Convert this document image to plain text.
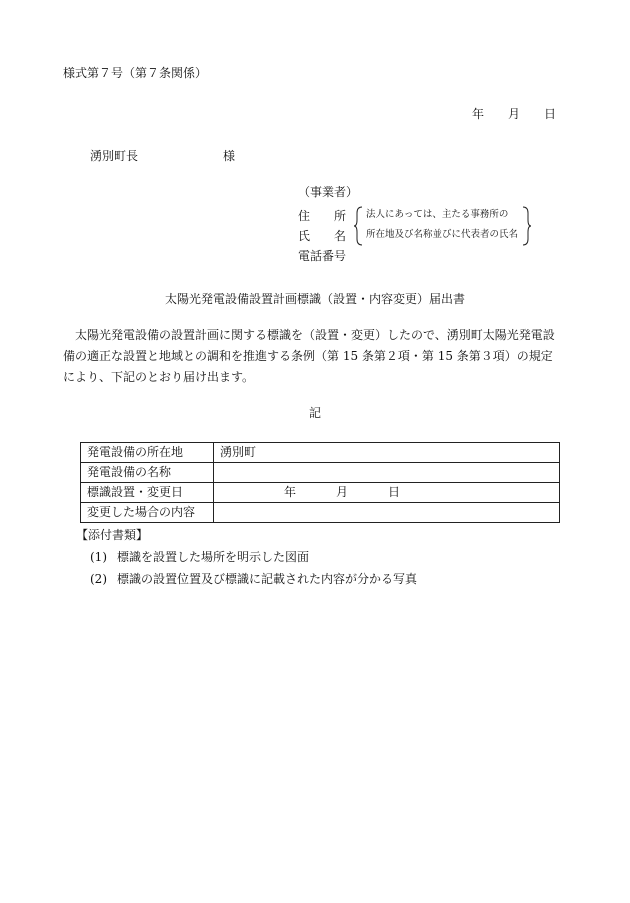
様式第７号（第７条関係）
年 月 日
湧別町長	様
（事業者）
住　所
氏　名
電話番号
法人にあっては、主たる事務所の
所在地及び名称並びに代表者の氏名
太陽光発電設備設置計画標識（設置・内容変更）届出書
太陽光発電設備の設置計画に関する標識を（設置・変更）したので、湧別町太陽光発電設備の適正な設置と地域との調和を推進する条例（第 15 条第２項・第 15 条第３項）の規定により、下記のとおり届け出ます。
記
発電設備の所在地	湧別町
発電設備の名称	
標識設置・変更日	年 月 日
変更した場合の内容	
【添付書類】
(1) 標識を設置した場所を明示した図面
(2) 標識の設置位置及び標識に記載された内容が分かる写真
